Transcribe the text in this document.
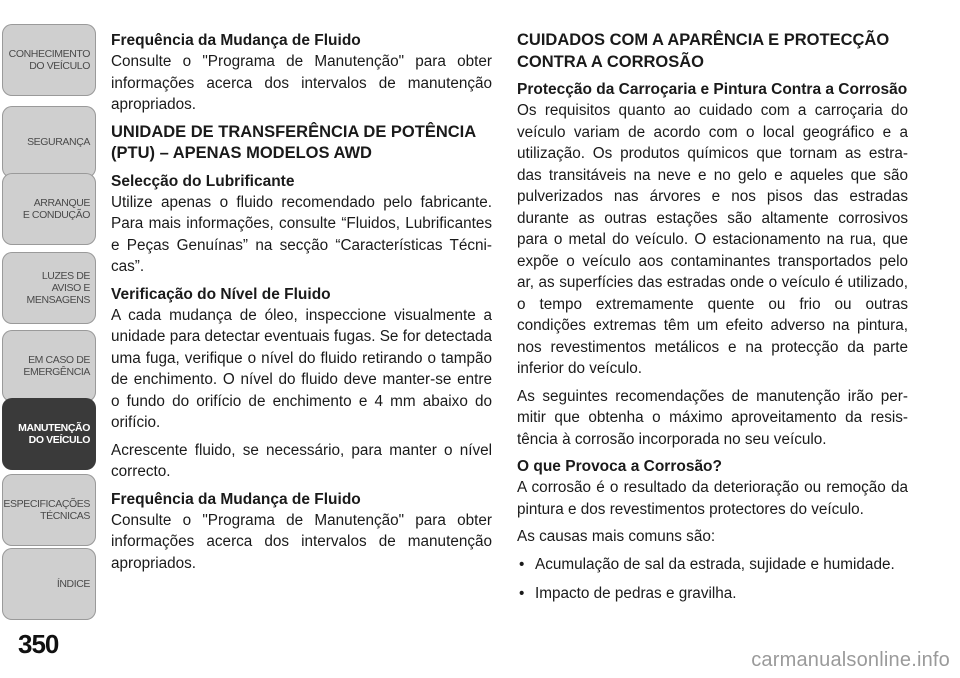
CONHECIMENTO
DO VEÍCULO
SEGURANÇA
ARRANQUE
E CONDUÇÃO
LUZES DE
AVISO E
MENSAGENS
EM CASO DE
EMERGÊNCIA
MANUTENÇÃO
DO VEÍCULO
ESPECIFICAÇÕES
TÉCNICAS
ÍNDICE
350
Frequência da Mudança de Fluido

Consulte o "Programa de Manutenção" para obter informações acerca dos intervalos de manutenção apropriados.

UNIDADE DE TRANSFERÊNCIA DE POTÊNCIA (PTU) – APENAS MODELOS AWD
Selecção do Lubrificante

Utilize apenas o fluido recomendado pelo fabricante. Para mais informações, consulte “Fluidos, Lubrificantes e Peças Genuínas” na secção “Características Técni-cas”.

Verificação do Nível de Fluido

A cada mudança de óleo, inspeccione visualmente a unidade para detectar eventuais fugas. Se for detectada uma fuga, verifique o nível do fluido retirando o tampão de enchimento. O nível do fluido deve manter-se entre o fundo do orifício de enchimento e 4 mm abaixo do orifício.

Acrescente fluido, se necessário, para manter o nível correcto.

Frequência da Mudança de Fluido

Consulte o "Programa de Manutenção" para obter informações acerca dos intervalos de manutenção apropriados.

CUIDADOS COM A APARÊNCIA E PROTECÇÃO CONTRA A CORROSÃO
Protecção da Carroçaria e Pintura Contra a Corrosão

Os requisitos quanto ao cuidado com a carroçaria do veículo variam de acordo com o local geográfico e a utilização. Os produtos químicos que tornam as estra-das transitáveis na neve e no gelo e aqueles que são pulverizados nas árvores e nos pisos das estradas durante as outras estações são altamente corrosivos para o metal do veículo. O estacionamento na rua, que expõe o veículo aos contaminantes transportados pelo ar, as superfícies das estradas onde o veículo é utilizado, o tempo extremamente quente ou frio ou outras condições extremas têm um efeito adverso na pintura, nos revestimentos metálicos e na protecção da parte inferior do veículo.

As seguintes recomendações de manutenção irão per-mitir que obtenha o máximo aproveitamento da resis-tência à corrosão incorporada no seu veículo.

O que Provoca a Corrosão?

A corrosão é o resultado da deterioração ou remoção da pintura e dos revestimentos protectores do veículo.

As causas mais comuns são:

• Acumulação de sal da estrada, sujidade e humidade.
• Impacto de pedras e gravilha.
carmanualsonline.info
